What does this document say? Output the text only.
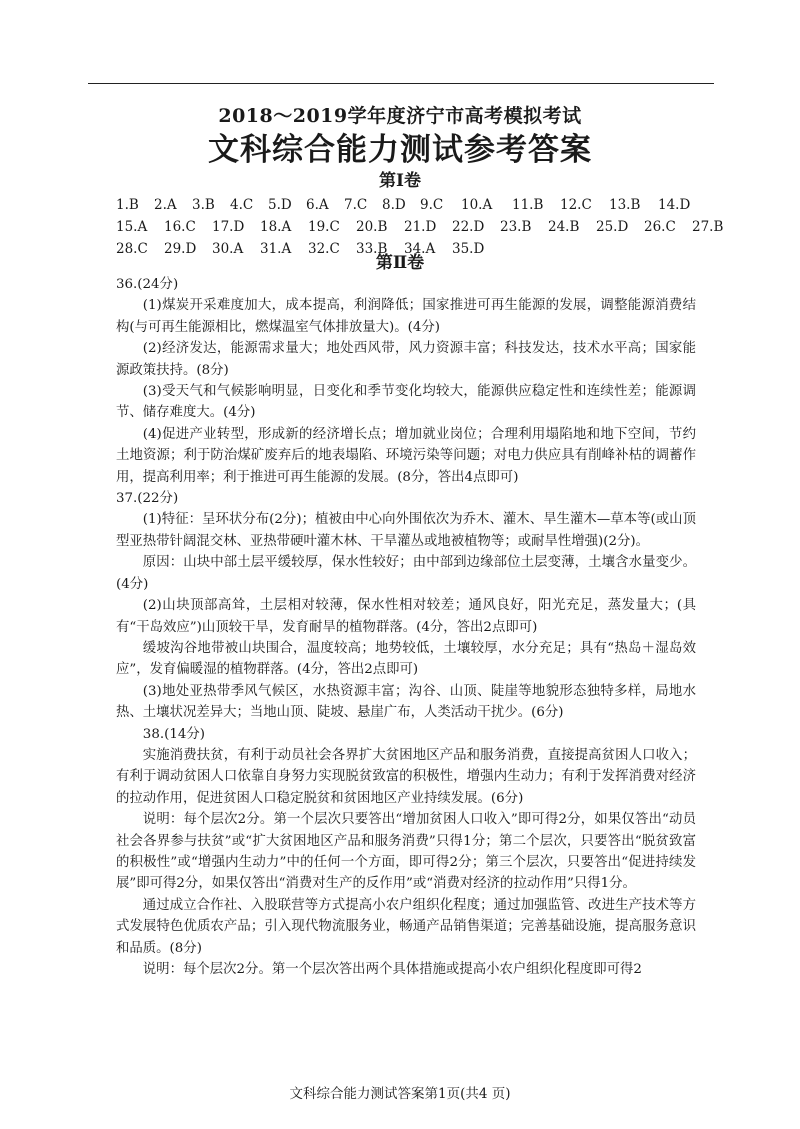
2018～2019学年度济宁市高考模拟考试
文科综合能力测试参考答案
第Ⅰ卷
1.B 2.A 3.B 4.C 5.D 6.A 7.C 8.D 9.C 10.A 11.B 12.C 13.B 14.D
15.A 16.C 17.D 18.A 19.C 20.B 21.D 22.D 23.B 24.B 25.D 26.C 27.B
28.C 29.D 30.A 31.A 32.C 33.B 34.A 35.D
第Ⅱ卷

36.(24分)

(1)煤炭开采难度加大，成本提高，利润降低；国家推进可再生能源的发展，调整能源消费结构(与可再生能源相比，燃煤温室气体排放量大)。(4分)

(2)经济发达，能源需求量大；地处西风带，风力资源丰富；科技发达，技术水平高；国家能源政策扶持。(8分)

(3)受天气和气候影响明显，日变化和季节变化均较大，能源供应稳定性和连续性差；能源调节、储存难度大。(4分)

(4)促进产业转型，形成新的经济增长点；增加就业岗位；合理利用塌陷地和地下空间，节约土地资源；利于防治煤矿废弃后的地表塌陷、环境污染等问题；对电力供应具有削峰补枯的调蓄作用，提高利用率；利于推进可再生能源的发展。(8分，答出4点即可)

37.(22分)

(1)特征：呈环状分布(2分)；植被由中心向外围依次为乔木、灌木、旱生灌木—草本等(或山顶型亚热带针阔混交林、亚热带硬叶灌木林、干旱灌丛或地被植物等；或耐旱性增强)(2分)。

原因：山块中部土层平缓较厚，保水性较好；由中部到边缘部位土层变薄，土壤含水量变少。(4分)

(2)山块顶部高耸，土层相对较薄，保水性相对较差；通风良好，阳光充足，蒸发量大；(具有“干岛效应”)山顶较干旱，发育耐旱的植物群落。(4分，答出2点即可)

缓坡沟谷地带被山块围合，温度较高；地势较低，土壤较厚，水分充足；具有“热岛＋湿岛效应”，发育偏暖湿的植物群落。(4分，答出2点即可)

(3)地处亚热带季风气候区，水热资源丰富；沟谷、山顶、陡崖等地貌形态独特多样，局地水热、土壤状况差异大；当地山顶、陡坡、悬崖广布，人类活动干扰少。(6分)

38.(14分)

实施消费扶贫，有利于动员社会各界扩大贫困地区产品和服务消费，直接提高贫困人口收入；有利于调动贫困人口依靠自身努力实现脱贫致富的积极性，增强内生动力；有利于发挥消费对经济的拉动作用，促进贫困人口稳定脱贫和贫困地区产业持续发展。(6分)

说明：每个层次2分。第一个层次只要答出“增加贫困人口收入”即可得2分，如果仅答出“动员社会各界参与扶贫”或“扩大贫困地区产品和服务消费”只得1分；第二个层次，只要答出“脱贫致富的积极性”或“增强内生动力”中的任何一个方面，即可得2分；第三个层次，只要答出“促进持续发展”即可得2分，如果仅答出“消费对生产的反作用”或“消费对经济的拉动作用”只得1分。

通过成立合作社、入股联营等方式提高小农户组织化程度；通过加强监管、改进生产技术等方式发展特色优质农产品；引入现代物流服务业，畅通产品销售渠道；完善基础设施，提高服务意识和品质。(8分)

说明：每个层次2分。第一个层次答出两个具体措施或提高小农户组织化程度即可得2

文科综合能力测试答案第1页(共4 页)
